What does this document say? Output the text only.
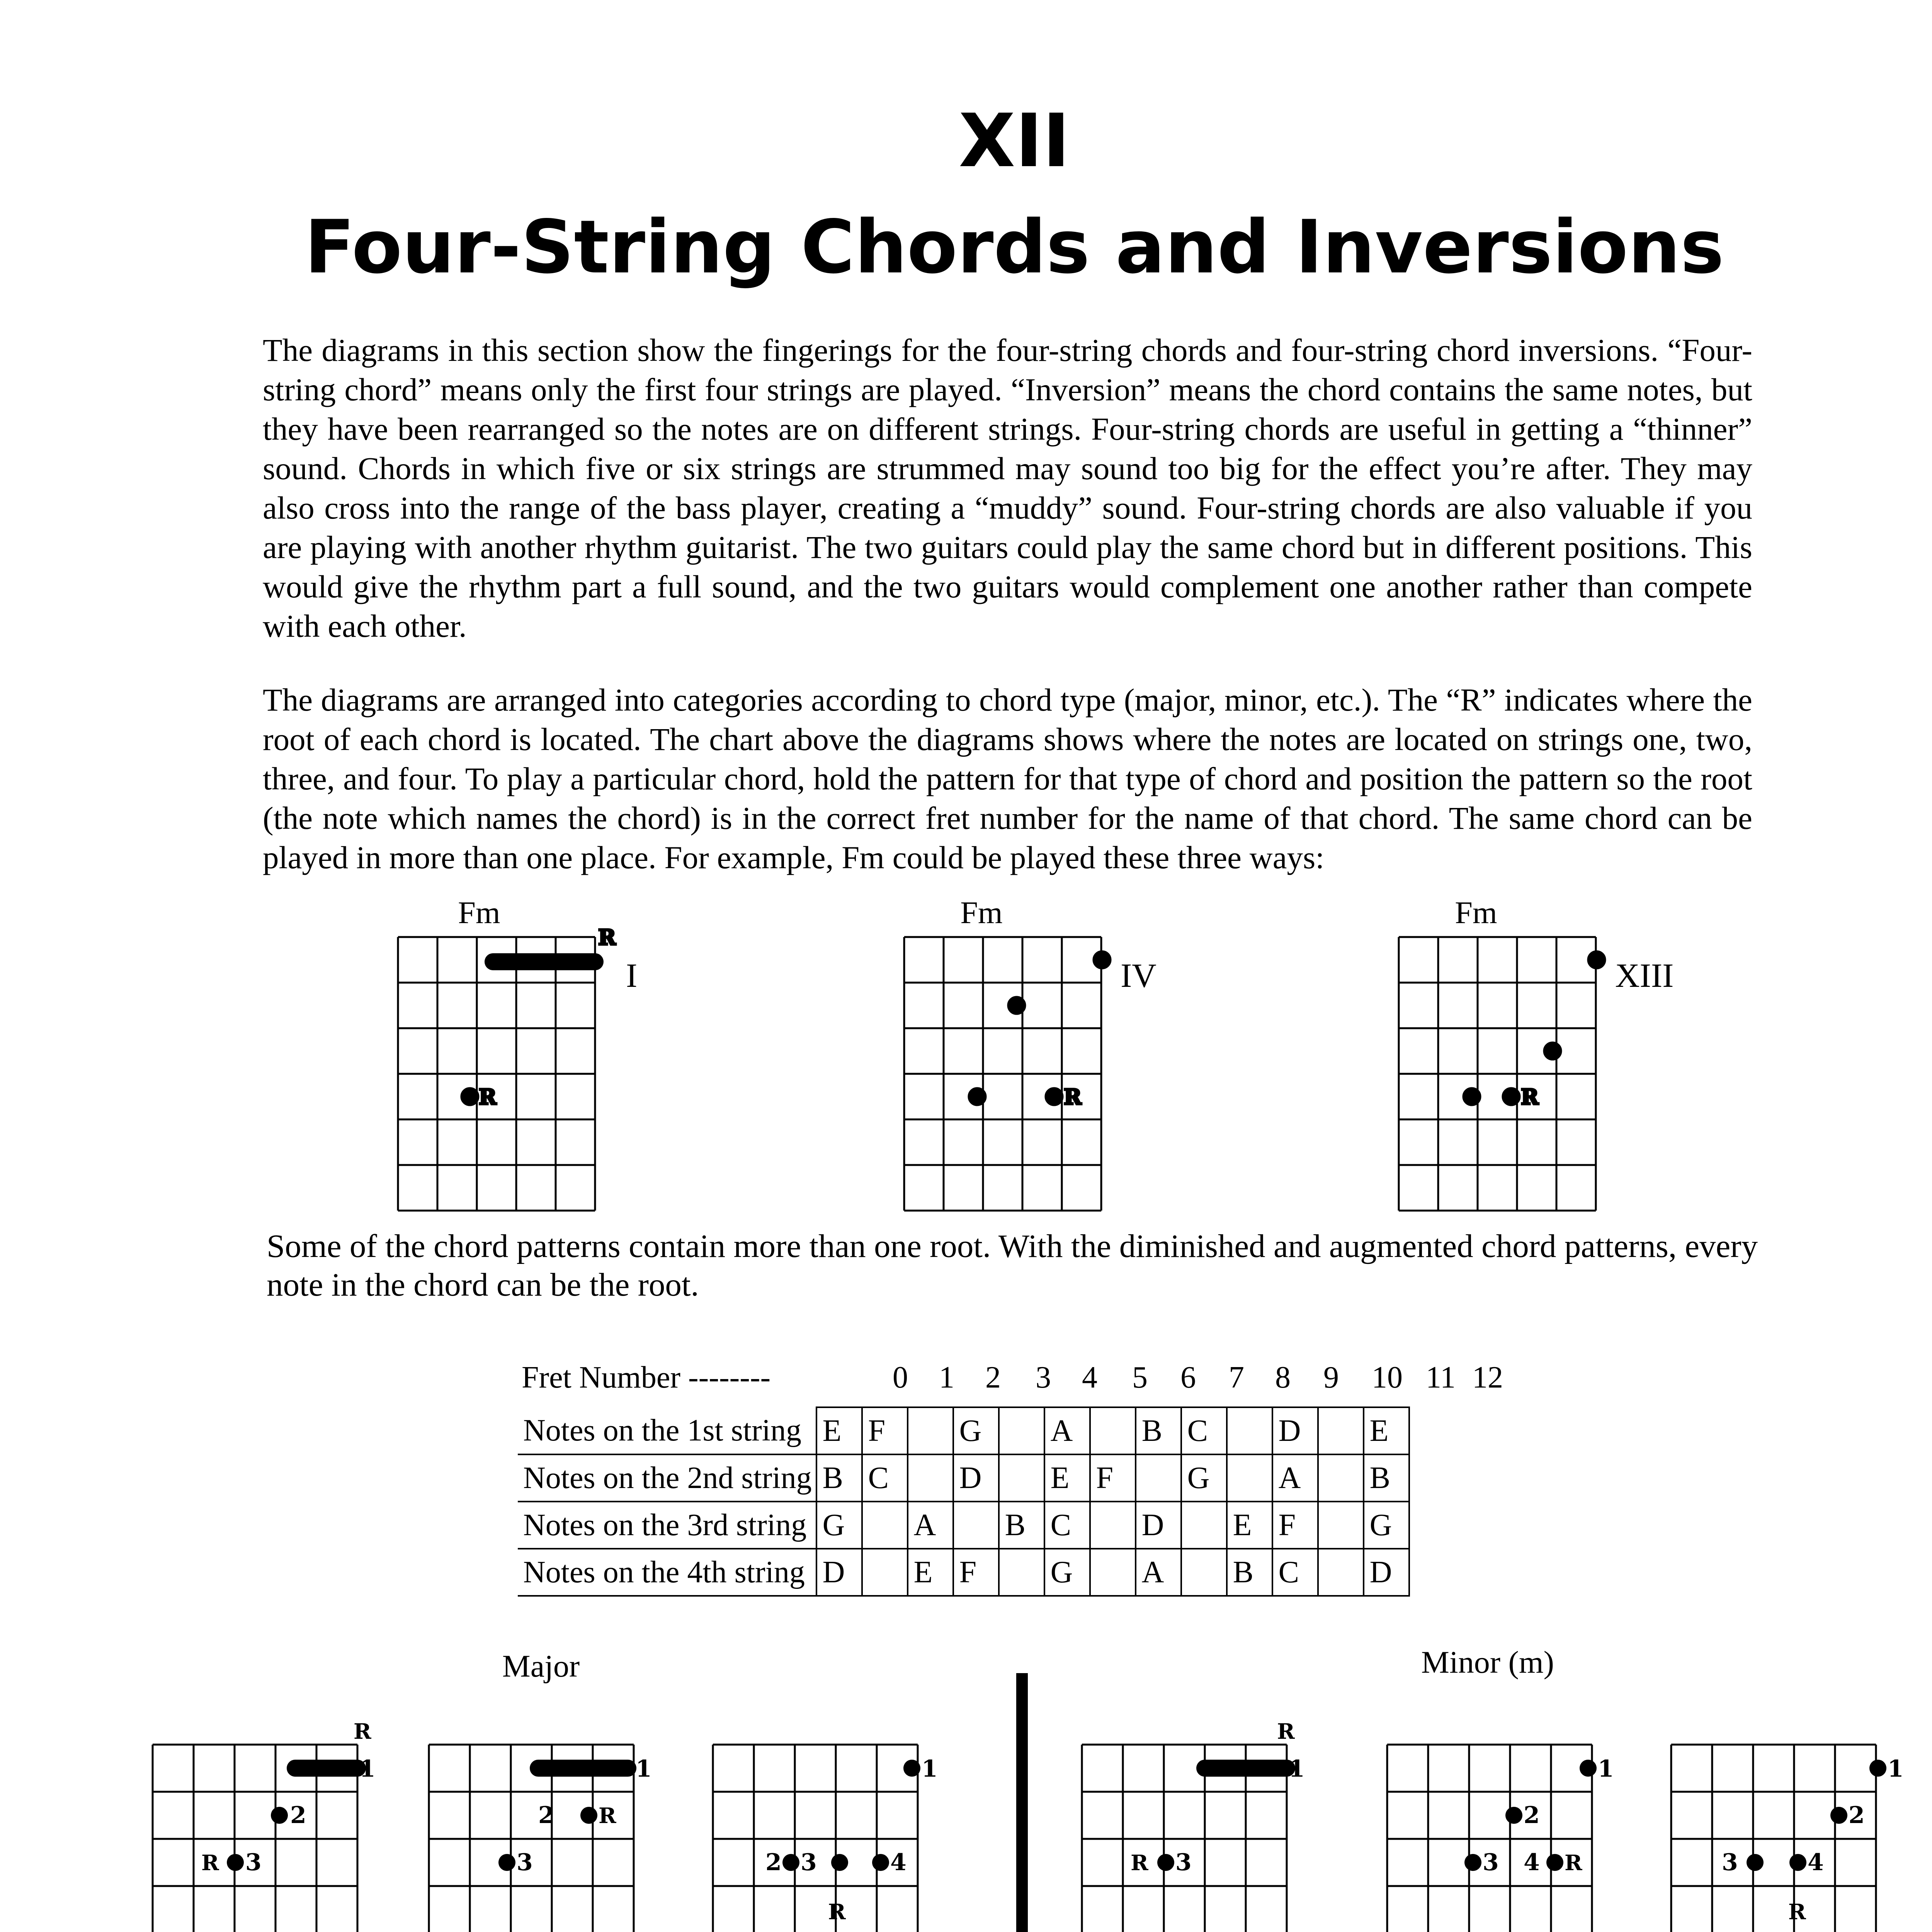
XII
Four-String Chords and Inversions

The diagrams in this section show the fingerings for the four-string chords and four-string chord inversions. “Four-string chord” means only the first four strings are played. “Inversion” means the chord contains the same notes, but they have been rearranged so the notes are on different strings. Four-string chords are useful in getting a “thinner” sound. Chords in which five or six strings are strummed may sound too big for the effect you’re after. They may also cross into the range of the bass player, creating a “muddy” sound. Four-string chords are also valuable if you are playing with another rhythm guitarist. The two guitars could play the same chord but in different positions. This would give the rhythm part a full sound, and the two guitars would complement one another rather than compete with each other.

The diagrams are arranged into categories according to chord type (major, minor, etc.). The “R” indicates where the root of each chord is located. The chart above the diagrams shows where the notes are located on strings one, two, three, and four. To play a particular chord, hold the pattern for that type of chord and position the pattern so the root (the note which names the chord) is in the correct fret number for the name of that chord. The same chord can be played in more than one place. For example, Fm could be played these three ways:

Fm	Fm	Fm
I	IV	XIII
R
R	R	R
Some of the chord patterns contain more than one root. With the diminished and augmented chord patterns, every note in the chord can be the root.
Fret Number --------	0 1 2 3 4 5 6 7 8 9 10 11 12
Notes on the 1st string	E	F		G		A		B	C		D		E
Notes on the 2nd string	B	C		D		E	F		G		A		B
Notes on the 3rd string	G		A		B	C		D		E	F		G
Notes on the 4th string	D		E	F		G		A		B	C		D
Major	Minor (m)
R
1
2
R 3
1
2 R
3
1
2 3	4
R
R
1
R 3
1
2
3 4 R
1
2
3	4
R
